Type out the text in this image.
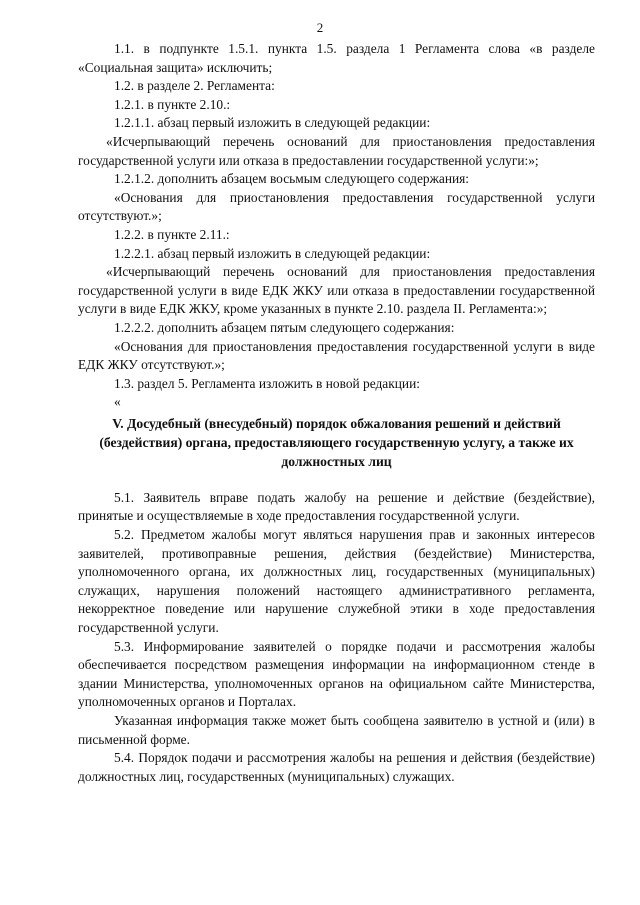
2

1.1. в подпункте 1.5.1. пункта 1.5. раздела 1 Регламента слова «в разделе «Социальная защита» исключить;

1.2. в разделе 2. Регламента:

1.2.1. в пункте 2.10.:

1.2.1.1. абзац первый изложить в следующей редакции:

«Исчерпывающий перечень оснований для приостановления предоставления государственной услуги или отказа в предоставлении государственной услуги:»;

1.2.1.2. дополнить абзацем восьмым следующего содержания:

«Основания для приостановления предоставления государственной услуги отсутствуют.»;

1.2.2. в пункте 2.11.:

1.2.2.1. абзац первый изложить в следующей редакции:

«Исчерпывающий перечень оснований для приостановления предоставления государственной услуги в виде ЕДК ЖКУ или отказа в предоставлении государственной услуги в виде ЕДК ЖКУ, кроме указанных в пункте 2.10. раздела II. Регламента:»;

1.2.2.2. дополнить абзацем пятым следующего содержания:

«Основания для приостановления предоставления государственной услуги в виде ЕДК ЖКУ отсутствуют.»;

1.3. раздел 5. Регламента изложить в новой редакции:

«

V. Досудебный (внесудебный) порядок обжалования решений и действий (бездействия) органа, предоставляющего государственную услугу, а также их должностных лиц

5.1. Заявитель вправе подать жалобу на решение и действие (бездействие), принятые и осуществляемые в ходе предоставления государственной услуги.

5.2. Предметом жалобы могут являться нарушения прав и законных интересов заявителей, противоправные решения, действия (бездействие) Министерства, уполномоченного органа, их должностных лиц, государственных (муниципальных) служащих, нарушения положений настоящего административного регламента, некорректное поведение или нарушение служебной этики в ходе предоставления государственной услуги.

5.3. Информирование заявителей о порядке подачи и рассмотрения жалобы обеспечивается посредством размещения информации на информационном стенде в здании Министерства, уполномоченных органов на официальном сайте Министерства, уполномоченных органов и Порталах.

Указанная информация также может быть сообщена заявителю в устной и (или) в письменной форме.

5.4. Порядок подачи и рассмотрения жалобы на решения и действия (бездействие) должностных лиц, государственных (муниципальных) служащих.
